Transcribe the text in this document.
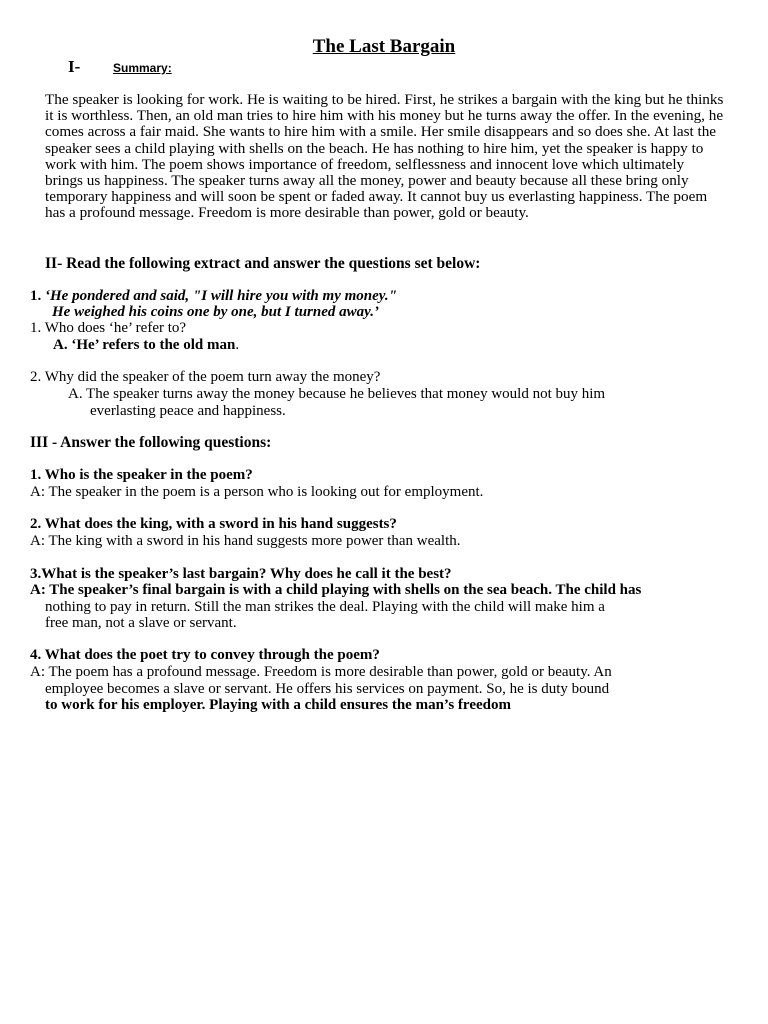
The Last Bargain
I-	Summary:
The speaker is looking for work. He is waiting to be hired. First, he strikes a bargain with the king but he thinks it is worthless. Then, an old man tries to hire him with his money but he turns away the offer. In the evening, he comes across a fair maid. She wants to hire him with a smile. Her smile disappears and so does she. At last the speaker sees a child playing with shells on the beach. He has nothing to hire him, yet the speaker is happy to work with him. The poem shows importance of freedom, selflessness and innocent love which ultimately brings us happiness. The speaker turns away all the money, power and beauty because all these bring only temporary happiness and will soon be spent or faded away. It cannot buy us everlasting happiness. The poem has a profound message. Freedom is more desirable than power, gold or beauty.
II- Read the following extract and answer the questions set below:
1. ‘He pondered and said, "I will hire you with my money."
He weighed his coins one by one, but I turned away.’
1. Who does ‘he’ refer to?
A. ‘He’ refers to the old man.
2. Why did the speaker of the poem turn away the money?
A. The speaker turns away the money because he believes that money would not buy him
everlasting peace and happiness.
III - Answer the following questions:
1. Who is the speaker in the poem?
A: The speaker in the poem is a person who is looking out for employment.
2. What does the king, with a sword in his hand suggests?
A: The king with a sword in his hand suggests more power than wealth.
3.What is the speaker’s last bargain? Why does he call it the best?
A: The speaker’s final bargain is with a child playing with shells on the sea beach. The child has
nothing to pay in return. Still the man strikes the deal. Playing with the child will make him a
free man, not a slave or servant.
4. What does the poet try to convey through the poem?
A: The poem has a profound message. Freedom is more desirable than power, gold or beauty. An
employee becomes a slave or servant. He offers his services on payment. So, he is duty bound
to work for his employer. Playing with a child ensures the man’s freedom
